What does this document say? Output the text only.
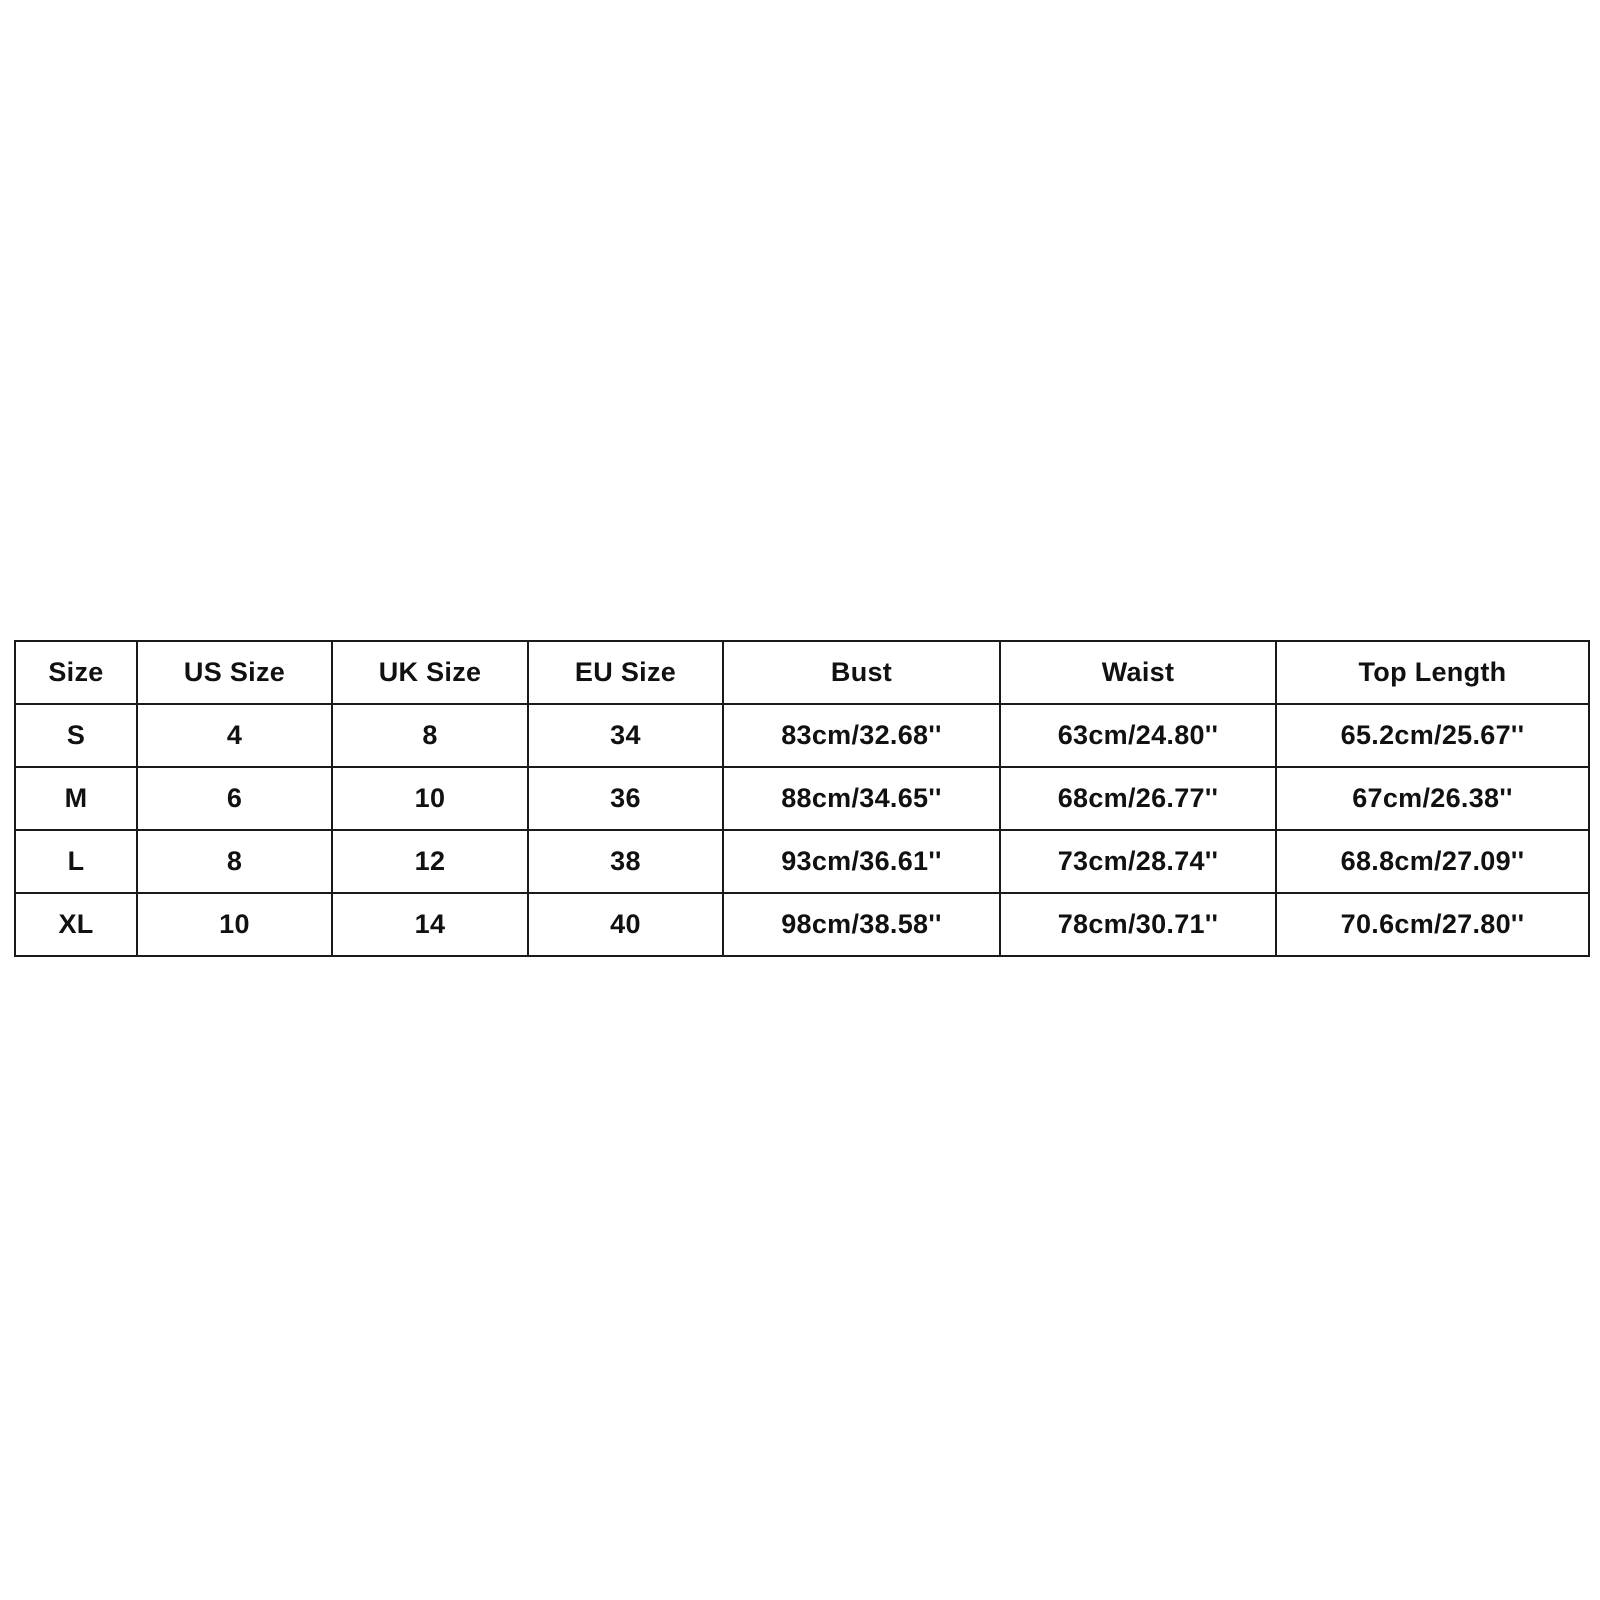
Size	US Size	UK Size	EU Size	Bust	Waist	Top Length
S	4	8	34	83cm/32.68''	63cm/24.80''	65.2cm/25.67''
M	6	10	36	88cm/34.65''	68cm/26.77''	67cm/26.38''
L	8	12	38	93cm/36.61''	73cm/28.74''	68.8cm/27.09''
XL	10	14	40	98cm/38.58''	78cm/30.71''	70.6cm/27.80''
